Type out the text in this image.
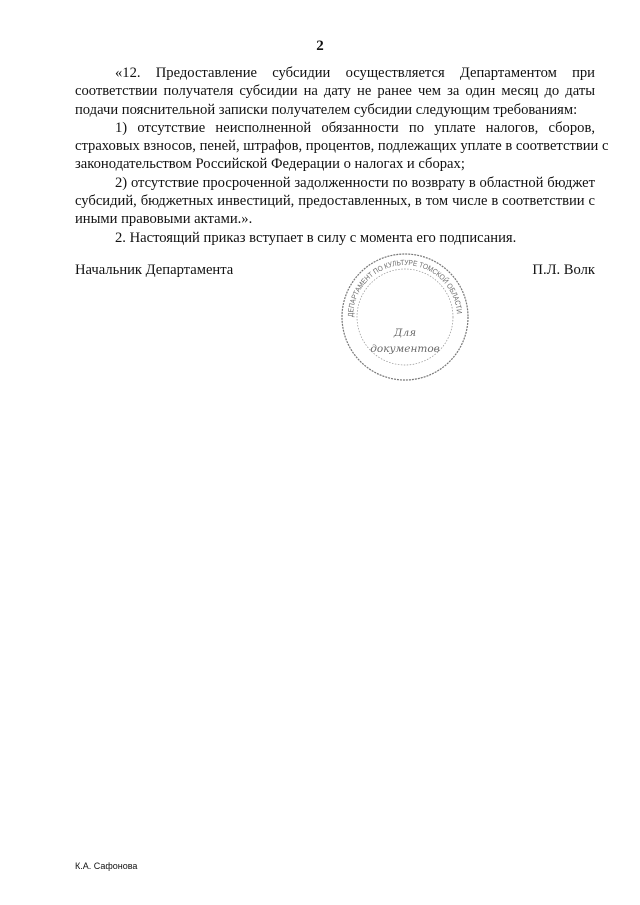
2
«12. Предоставление субсидии осуществляется Департаментом при
соответствии получателя субсидии на дату не ранее чем за один месяц до даты
подачи пояснительной записки получателем субсидии следующим требованиям:
1) отсутствие неисполненной обязанности по уплате налогов, сборов,
страховых взносов, пеней, штрафов, процентов, подлежащих уплате в соответствии с
законодательством Российской Федерации о налогах и сборах;
2) отсутствие просроченной задолженности по возврату в областной бюджет
субсидий, бюджетных инвестиций, предоставленных, в том числе в соответствии с
иными правовыми актами.».
2. Настоящий приказ вступает в силу с момента его подписания.
Начальник Департамента	П.Л. Волк
ДЕПАРТАМЕНТ ПО КУЛЬТУРЕ ТОМСКОЙ ОБЛАСТИ
Для
документов
К.А. Сафонова
